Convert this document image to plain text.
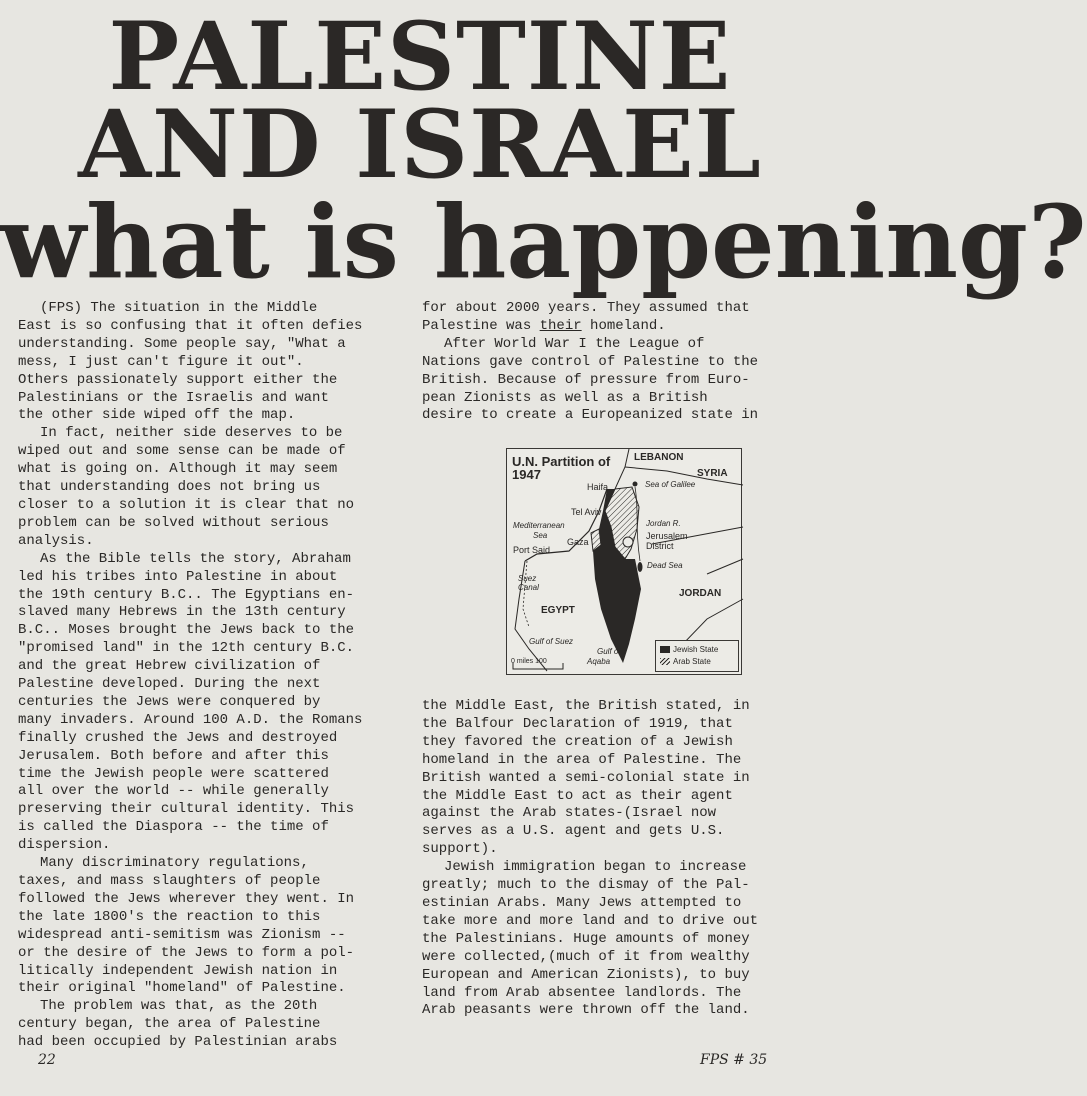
PALESTINE
AND ISRAEL
what is happening?

(FPS) The situation in the Middle

East is so confusing that it often defies

understanding. Some people say, "What a

mess, I just can't figure it out".

Others passionately support either the

Palestinians or the Israelis and want

the other side wiped off the map.

In fact, neither side deserves to be

wiped out and some sense can be made of

what is going on. Although it may seem

that understanding does not bring us

closer to a solution it is clear that no

problem can be solved without serious

analysis.

As the Bible tells the story, Abraham

led his tribes into Palestine in about

the 19th century B.C.. The Egyptians en-

slaved many Hebrews in the 13th century

B.C.. Moses brought the Jews back to the

"promised land" in the 12th century B.C.

and the great Hebrew civilization of

Palestine developed. During the next

centuries the Jews were conquered by

many invaders. Around 100 A.D. the Romans

finally crushed the Jews and destroyed

Jerusalem. Both before and after this

time the Jewish people were scattered

all over the world -- while generally

preserving their cultural identity. This

is called the Diaspora -- the time of

dispersion.

Many discriminatory regulations,

taxes, and mass slaughters of people

followed the Jews wherever they went. In

the late 1800's the reaction to this

widespread anti-semitism was Zionism --

or the desire of the Jews to form a pol-

litically independent Jewish nation in

their original "homeland" of Palestine.

The problem was that, as the 20th

century began, the area of Palestine

had been occupied by Palestinian arabs

for about 2000 years. They assumed that

Palestine was their homeland.

After World War I the League of

Nations gave control of Palestine to the

British. Because of pressure from Euro-

pean Zionists as well as a British

desire to create a Europeanized state in

U.N. Partition of 1947
LEBANON
SYRIA
Sea of Galilee
Haifa
Tel Aviv
Mediterranean
Sea
Jordan R.
Jerusalem
District
Gaza
Port Said
Dead Sea
Suez
Canal
JORDAN
EGYPT
Gulf of Suez
Gulf of
Aqaba
0 miles 100
Jewish State
Arab State

the Middle East, the British stated, in

the Balfour Declaration of 1919, that

they favored the creation of a Jewish

homeland in the area of Palestine. The

British wanted a semi-colonial state in

the Middle East to act as their agent

against the Arab states-(Israel now

serves as a U.S. agent and gets U.S.

support).

Jewish immigration began to increase

greatly; much to the dismay of the Pal-

estinian Arabs. Many Jews attempted to

take more and more land and to drive out

the Palestinians. Huge amounts of money

were collected,(much of it from wealthy

European and American Zionists), to buy

land from Arab absentee landlords. The

Arab peasants were thrown off the land.

22	FPS # 35
